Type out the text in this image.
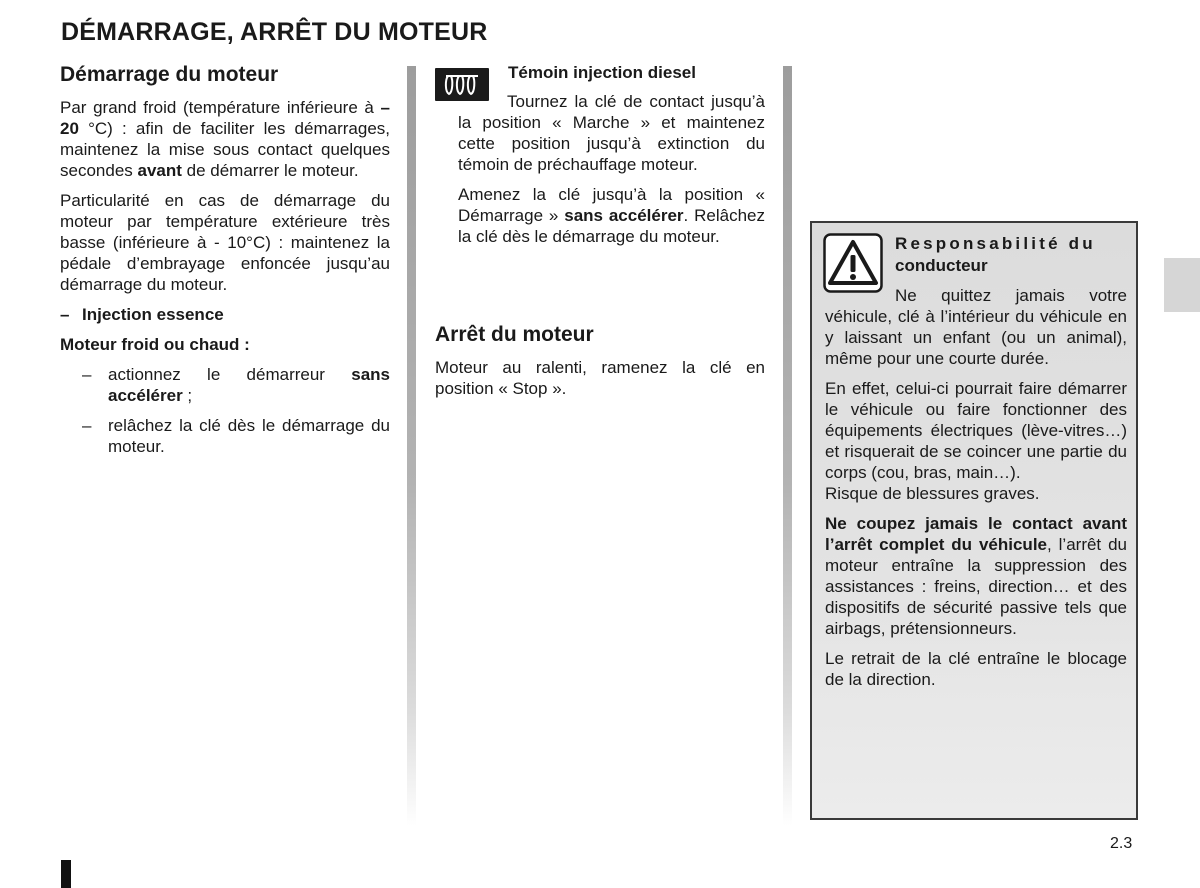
DÉMARRAGE, ARRÊT DU MOTEUR
Démarrage du moteur

Par grand froid (température inférieure à – 20 °C) : afin de faciliter les démarrages, maintenez la mise sous contact quelques secondes avant de démarrer le moteur.

Particularité en cas de démarrage du moteur par température extérieure très basse (inférieure à - 10°C) : maintenez la pédale d’embrayage enfoncée jusqu’au démarrage du moteur.

– Injection essence
Moteur froid ou chaud :
– actionnez le démarreur sans accélérer ;
– relâchez la clé dès le démarrage du moteur.

Témoin injection diesel

Tournez la clé de contact jusqu’à la position « Marche » et maintenez cette position jusqu’à extinction du témoin de préchauffage moteur.

Amenez la clé jusqu’à la position « Démarrage » sans accélérer. Relâchez la clé dès le démarrage du moteur.

Arrêt du moteur

Moteur au ralenti, ramenez la clé en position « Stop ».

Responsabilité du

conducteur

Ne quittez jamais votre véhicule, clé à l’intérieur du véhicule en y laissant un enfant (ou un animal), même pour une courte durée.

En effet, celui-ci pourrait faire démarrer le véhicule ou faire fonctionner des équipements électriques (lève-vitres…) et risquerait de se coincer une partie du corps (cou, bras, main…).

Risque de blessures graves.

Ne coupez jamais le contact avant l’arrêt complet du véhicule, l’arrêt du moteur entraîne la suppression des assistances : freins, direction… et des dispositifs de sécurité passive tels que airbags, prétensionneurs.

Le retrait de la clé entraîne le blocage de la direction.

2.3
